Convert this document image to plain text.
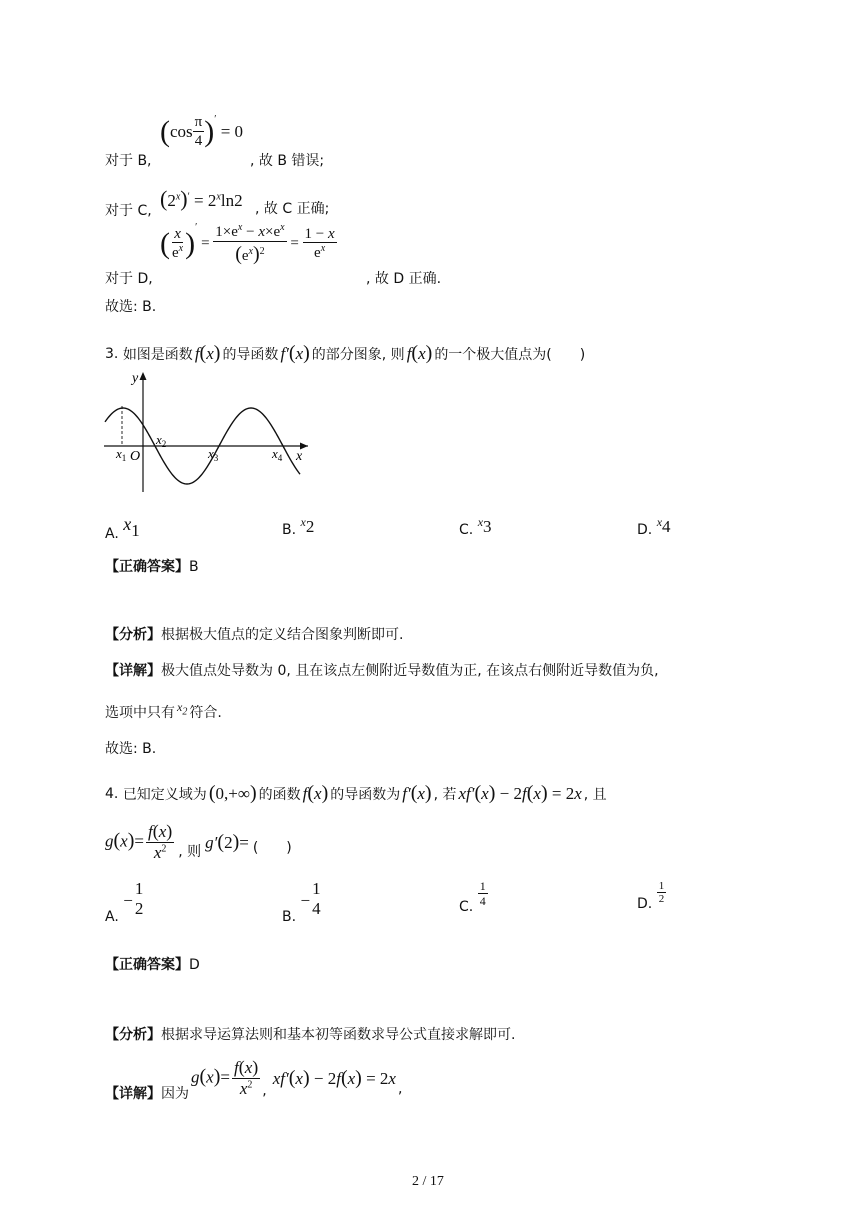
对于 B,
$(\cos \frac{\pi}{4} )' = 0$
, 故 B 错误;
对于 C, $(2^x)' = 2^x\ln 2$ , 故 C 正确;
对于 D,
( $\frac{x}{e^x} )' = \frac{1\times e^x - x\times e^x}{(e^x)^2} = \frac{1 - x}{e^x}$
, 故 D 正确.
故选: B.
3.
如图是函数 f(x) 的导函数 f′(x) 的部分图象, 则 f(x) 的一个极大值点为(　　)
y
x
O
$x_1$
$x_2$
$x_3$	$x_4$
A. $x_1$	B. $x_2$	C. $x_3$	D. $x_4$
【正确答案】B
【分析】根据极大值点的定义结合图象判断即可.
【详解】极大值点处导数为 0, 且在该点左侧附近导数值为正, 在该点右侧附近导数值为负,
选项中只有 $x_2$ 符合.
故选: B.
4.
已知定义域为 (0,+∞) 的函数 f(x) 的导函数为 f′(x) , 若 xf′(x) − 2f(x) = 2x , 且
$g(x)= \frac{f(x)}{x^2}$ , 则 g′(2)= (　　)
A.

−
1
2	B.

−
1
4	C.
$\frac{1}{4}$	D.
$\frac{1}{2}$
【正确答案】D
【分析】根据求导运算法则和基本初等函数求导公式直接求解即可.
【详解】因为
$g(x)= \frac{f(x)}{x^2}$ ,
xf′(x) − 2f(x) = 2x
,
2 / 17
